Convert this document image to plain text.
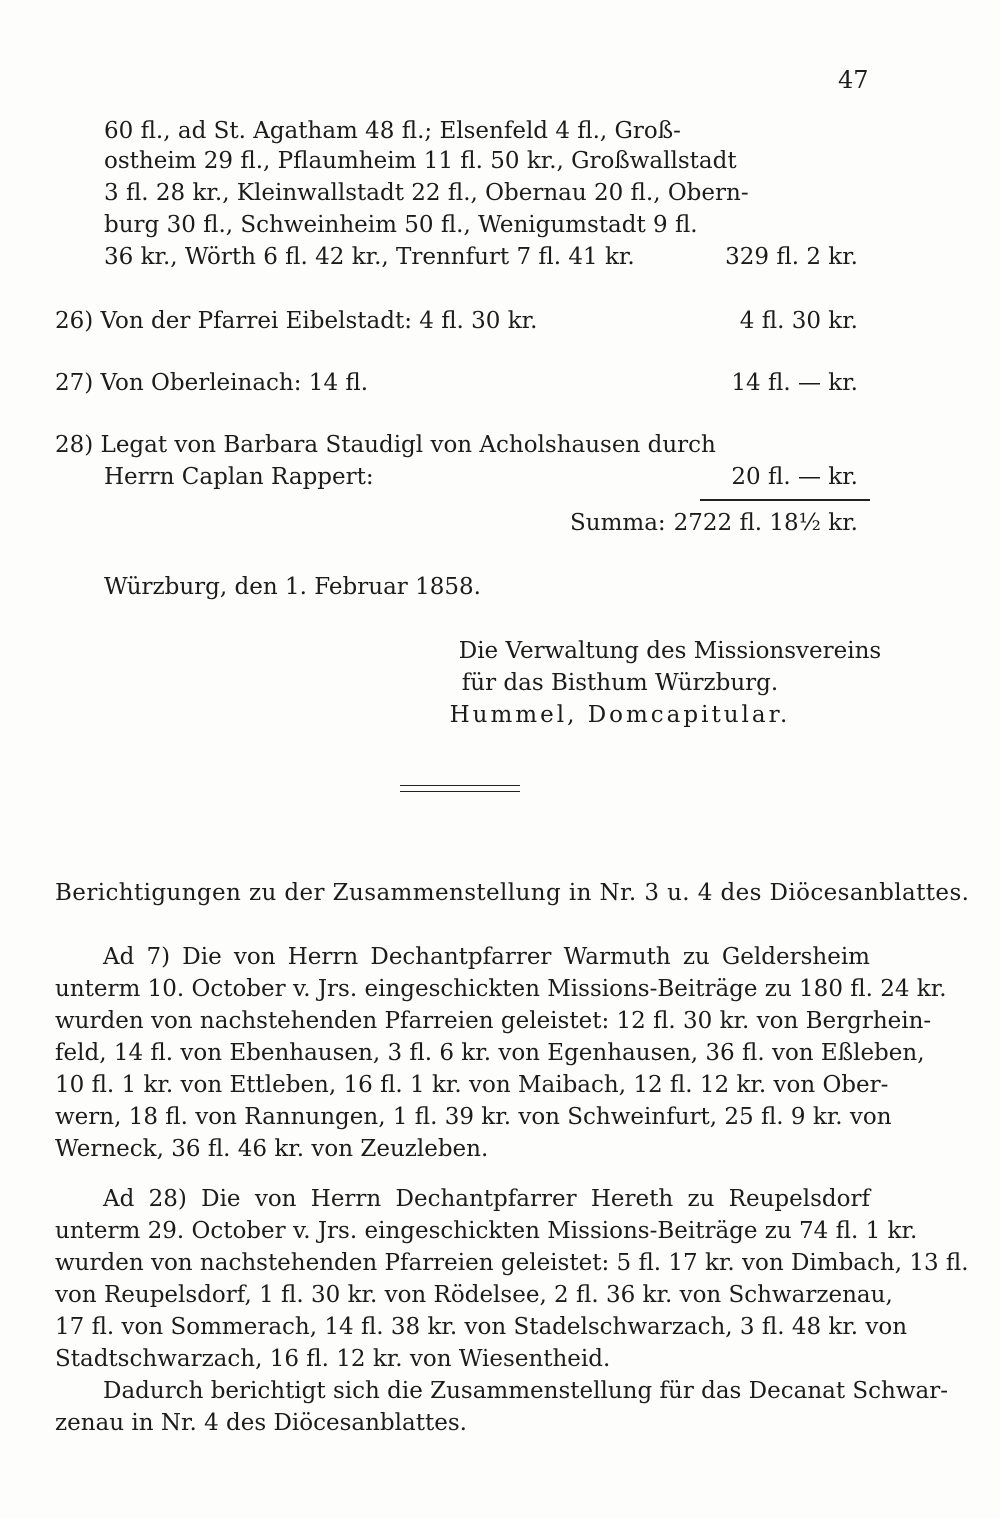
47
60 fl., ad St. Agatham 48 fl.; Elsenfeld 4 fl., Groß-
ostheim 29 fl., Pflaumheim 11 fl. 50 kr., Großwallstadt
3 fl. 28 kr., Kleinwallstadt 22 fl., Obernau 20 fl., Obern-
burg 30 fl., Schweinheim 50 fl., Wenigumstadt 9 fl.
36 kr., Wörth 6 fl. 42 kr., Trennfurt 7 fl. 41 kr.	329 fl. 2 kr.
26) Von der Pfarrei Eibelstadt: 4 fl. 30 kr.	4 fl. 30 kr.
27) Von Oberleinach: 14 fl.	14 fl. — kr.
28) Legat von Barbara Staudigl von Acholshausen durch
Herrn Caplan Rappert:	20 fl. — kr.
Summa: 2722 fl. 18½ kr.
Würzburg, den 1. Februar 1858.
Die Verwaltung des Missionsvereins
für das Bisthum Würzburg.
Hummel, Domcapitular.
Berichtigungen zu der Zusammenstellung in Nr. 3 u. 4 des Diöcesanblattes.
Ad 7) Die von Herrn Dechantpfarrer Warmuth zu Geldersheim
unterm 10. October v. Jrs. eingeschickten Missions-Beiträge zu 180 fl. 24 kr.
wurden von nachstehenden Pfarreien geleistet: 12 fl. 30 kr. von Bergrhein-
feld, 14 fl. von Ebenhausen, 3 fl. 6 kr. von Egenhausen, 36 fl. von Eßleben,
10 fl. 1 kr. von Ettleben, 16 fl. 1 kr. von Maibach, 12 fl. 12 kr. von Ober-
wern, 18 fl. von Rannungen, 1 fl. 39 kr. von Schweinfurt, 25 fl. 9 kr. von
Werneck, 36 fl. 46 kr. von Zeuzleben.
Ad 28) Die von Herrn Dechantpfarrer Hereth zu Reupelsdorf
unterm 29. October v. Jrs. eingeschickten Missions-Beiträge zu 74 fl. 1 kr.
wurden von nachstehenden Pfarreien geleistet: 5 fl. 17 kr. von Dimbach, 13 fl.
von Reupelsdorf, 1 fl. 30 kr. von Rödelsee, 2 fl. 36 kr. von Schwarzenau,
17 fl. von Sommerach, 14 fl. 38 kr. von Stadelschwarzach, 3 fl. 48 kr. von
Stadtschwarzach, 16 fl. 12 kr. von Wiesentheid.
Dadurch berichtigt sich die Zusammenstellung für das Decanat Schwar-
zenau in Nr. 4 des Diöcesanblattes.
